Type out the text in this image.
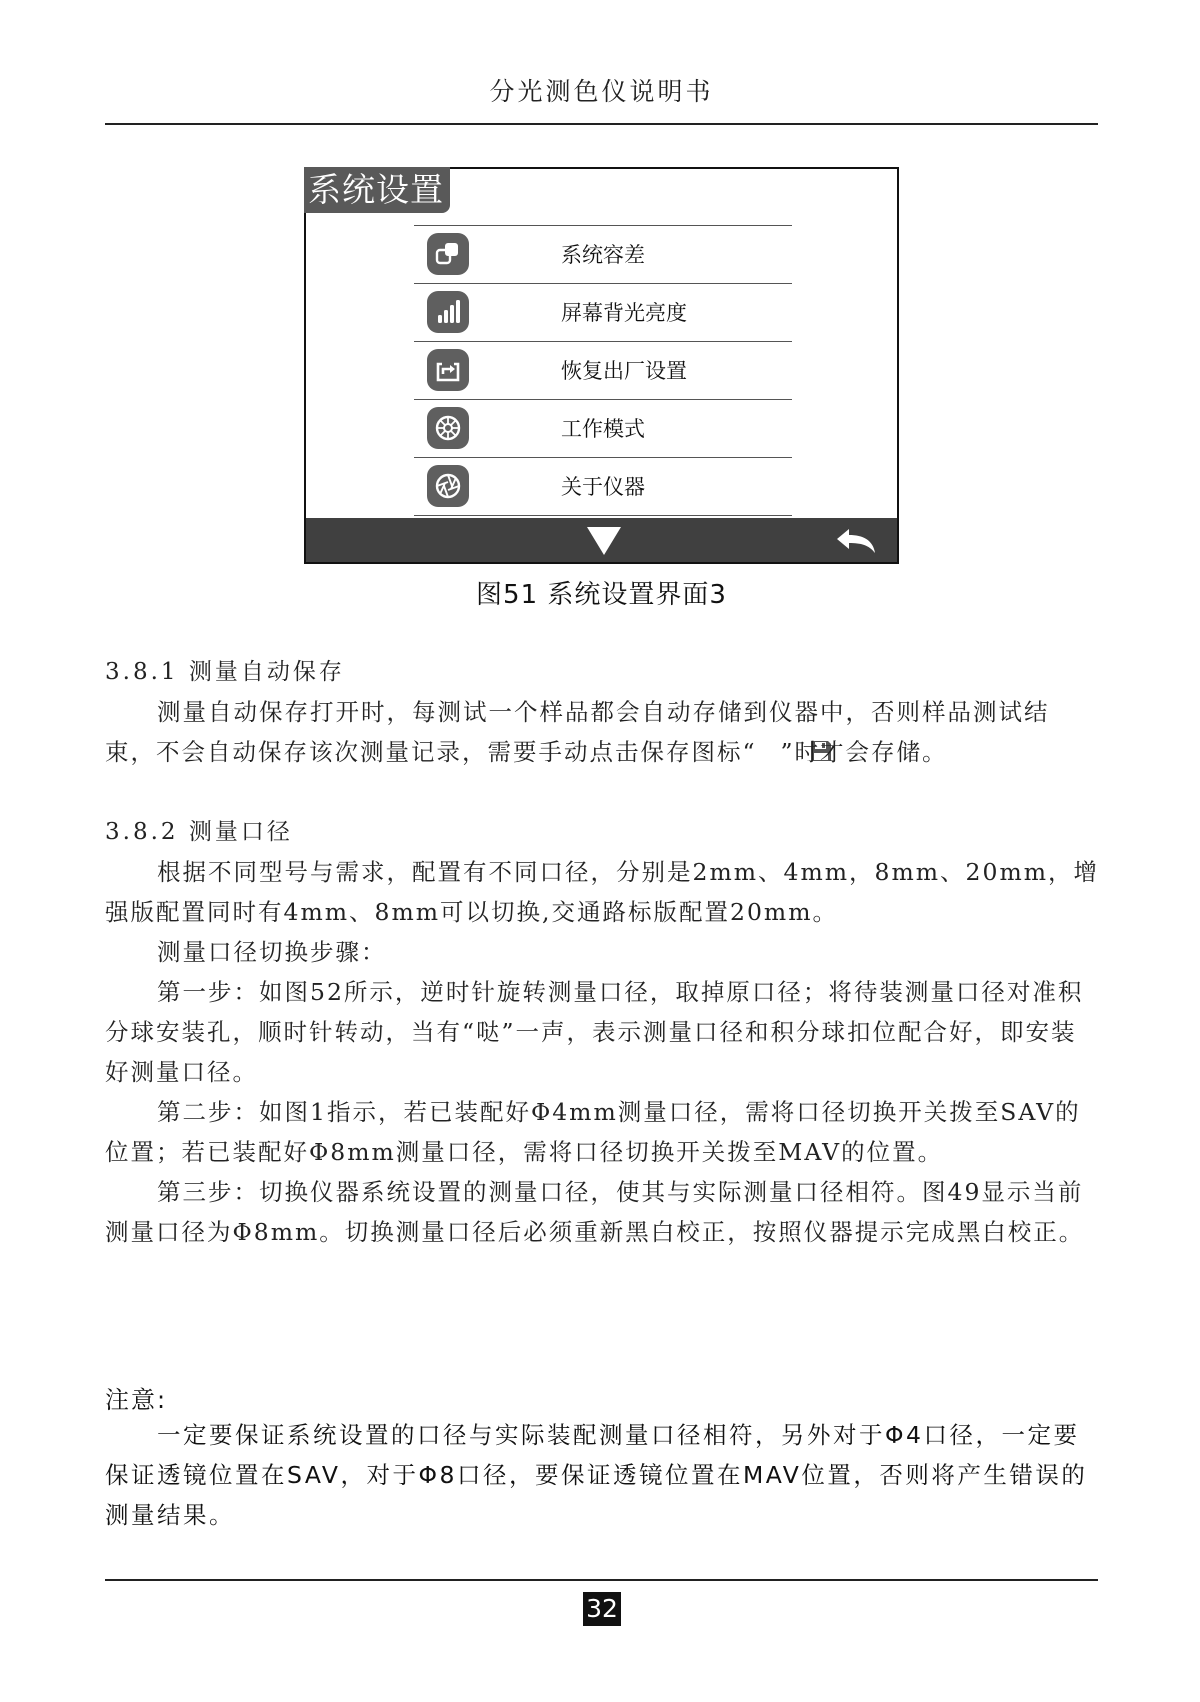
分光测色仪说明书
系统设置
系统容差
屏幕背光亮度
恢复出厂设置
工作模式
关于仪器
图51 系统设置界面3

3.8.1 测量自动保存

测量自动保存打开时，每测试一个样品都会自动存储到仪器中，否则样品测试结束，不会自动保存该次测量记录，需要手动点击保存图标“ ”时才会存储。

3.8.2 测量口径

根据不同型号与需求，配置有不同口径，分别是2mm、4mm，8mm、20mm，增强版配置同时有4mm、8mm可以切换,交通路标版配置20mm。

测量口径切换步骤：

第一步：如图52所示，逆时针旋转测量口径，取掉原口径；将待装测量口径对准积分球安装孔，顺时针转动，当有“哒”一声，表示测量口径和积分球扣位配合好，即安装好测量口径。

第二步：如图1指示，若已装配好Φ4mm测量口径，需将口径切换开关拨至SAV的位置；若已装配好Φ8mm测量口径，需将口径切换开关拨至MAV的位置。

第三步：切换仪器系统设置的测量口径，使其与实际测量口径相符。图49显示当前测量口径为Φ8mm。切换测量口径后必须重新黑白校正，按照仪器提示完成黑白校正。

注意:

一定要保证系统设置的口径与实际装配测量口径相符，另外对于Φ4口径，一定要保证透镜位置在SAV，对于Φ8口径，要保证透镜位置在MAV位置，否则将产生错误的测量结果。

32
